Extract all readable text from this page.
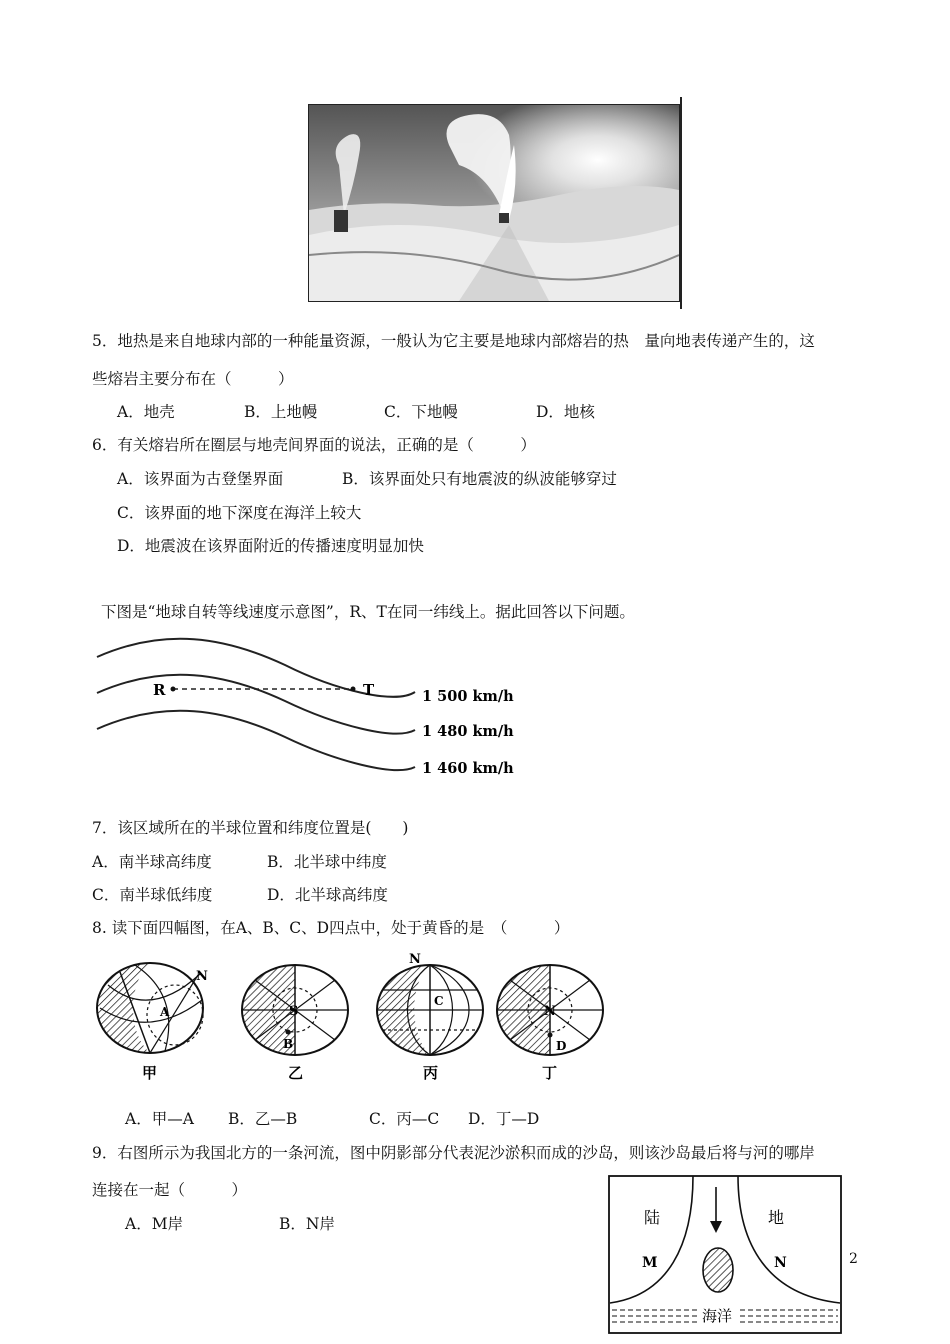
5．地热是来自地球内部的一种能量资源，一般认为它主要是地球内部熔岩的热　量向地表传递产生的，这
些熔岩主要分布在（　　　）
A．地壳	B．上地幔	C．下地幔	D．地核
6．有关熔岩所在圈层与地壳间界面的说法，正确的是（　　　）
A．该界面为古登堡界面	B．该界面处只有地震波的纵波能够穿过
C．该界面的地下深度在海洋上较大
D．地震波在该界面附近的传播速度明显加快
下图是“地球自转等线速度示意图”，R、T在同一纬线上。据此回答以下问题。
R	T	1 500 km/h
1 480 km/h
1 460 km/h
7．该区域所在的半球位置和纬度位置是(　　)
A．南半球高纬度	B．北半球中纬度
C．南半球低纬度	D．北半球高纬度
8. 读下面四幅图，在A、B、C、D四点中，处于黄昏的是　（　　　）
A
N
甲
S
B
乙
N
C
丙
N
D
丁
A．甲—A B．乙—B	C．丙—C D．丁—D
9．右图所示为我国北方的一条河流，图中阴影部分代表泥沙淤积而成的沙岛，则该沙岛最后将与河的哪岸
连接在一起（　　　）
A．M岸	B．N岸	陆	地
M	N
海洋
2
